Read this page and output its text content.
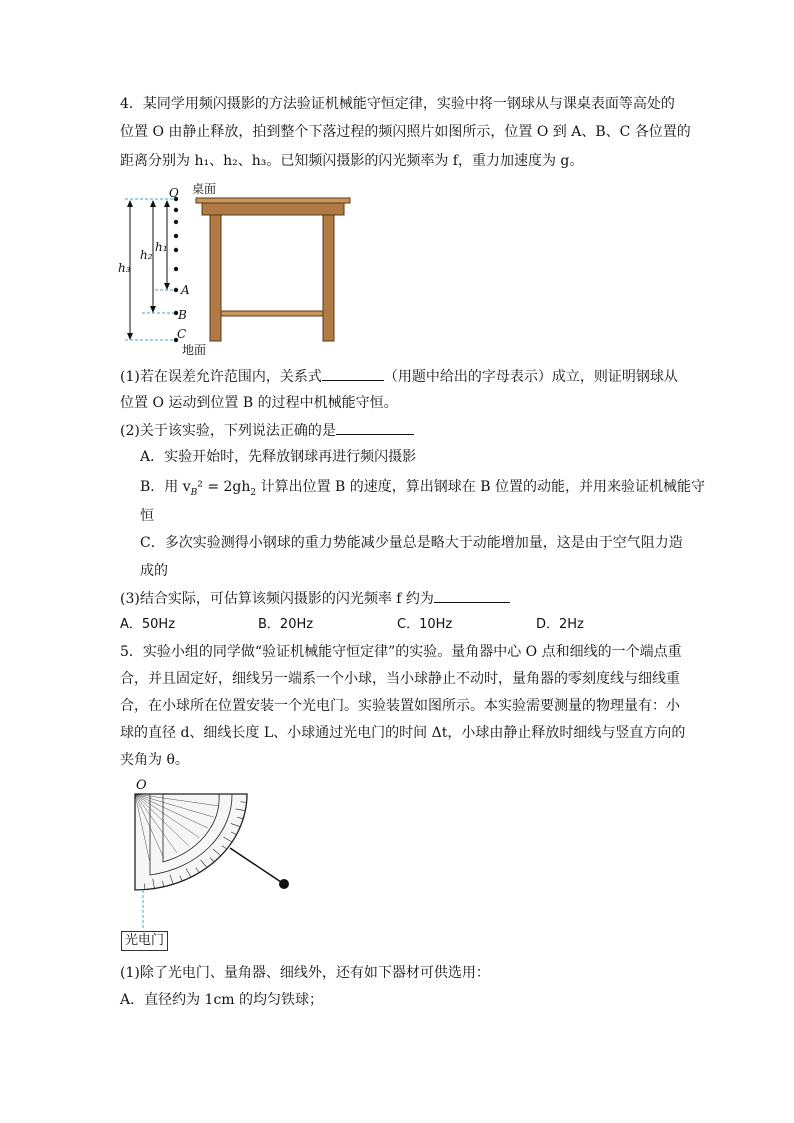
4．某同学用频闪摄影的方法验证机械能守恒定律，实验中将一钢球从与课桌表面等高处的
位置 O 由静止释放，拍到整个下落过程的频闪照片如图所示，位置 O 到 A、B、C 各位置的
距离分别为 h₁、h₂、h₃。已知频闪摄影的闪光频率为 f，重力加速度为 g。
O 桌面
A
B
C
地面
h₁
h₂
h₃
(1)若在误差允许范围内，关系式	（用题中给出的字母表示）成立，则证明钢球从
位置 O 运动到位置 B 的过程中机械能守恒。
(2)关于该实验，下列说法正确的是
A．实验开始时，先释放钢球再进行频闪摄影
B．用 $v_B^2 = 2gh_2$ 计算出位置 B 的速度，算出钢球在 B 位置的动能，并用来验证机械能守
恒
C．多次实验测得小钢球的重力势能减少量总是略大于动能增加量，这是由于空气阻力造
成的
(3)结合实际，可估算该频闪摄影的闪光频率 f 约为
A．50Hz	B．20Hz	C．10Hz	D．2Hz
5．实验小组的同学做“验证机械能守恒定律”的实验。量角器中心 O 点和细线的一个端点重
合，并且固定好，细线另一端系一个小球，当小球静止不动时，量角器的零刻度线与细线重
合，在小球所在位置安装一个光电门。实验装置如图所示。本实验需要测量的物理量有：小
球的直径 d、细线长度 L、小球通过光电门的时间 Δt，小球由静止释放时细线与竖直方向的
夹角为 θ。
O
光电门
(1)除了光电门、量角器、细线外，还有如下器材可供选用：
A．直径约为 1cm 的均匀铁球；
